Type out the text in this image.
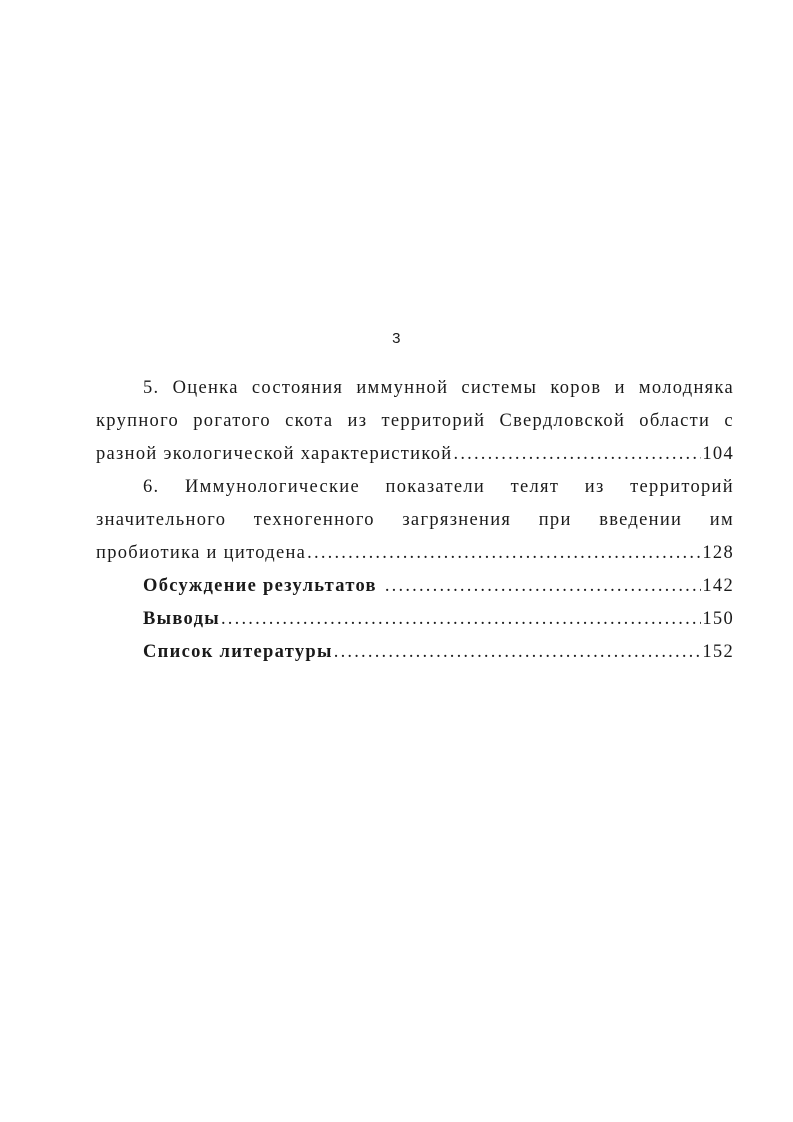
3
5. Оценка состояния иммунной системы коров и молодняка
крупного рогатого скота из территорий Свердловской области с
разной экологической характеристикой .....	104
6. Иммунологические показатели телят из территорий
значительного техногенного загрязнения при введении им
пробиотика и цитодена .....	128
Обсуждение результатов .....	142
Выводы .....	150
Список литературы .....	152
